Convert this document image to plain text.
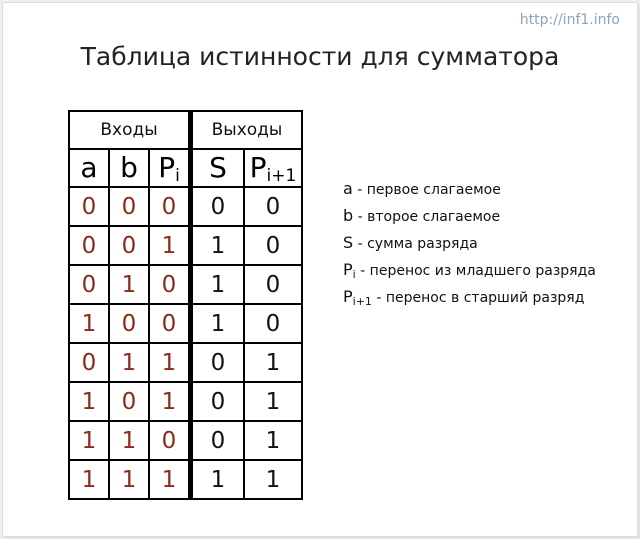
http://inf1.info
Таблица истинности для сумматора
Входы			Выходы	
a	b	$P_i$	S	$P_{i+1}$
0	0	0	0	0
0	0	1	1	0
0	1	0	1	0
1	0	0	1	0
0	1	1	0	1
1	0	1	0	1
1	1	0	0	1
1	1	1	1	1
a - первое слагаемое
b - второе слагаемое
S - сумма разряда
$P_i$ - перенос из младшего разряда
$P_{i+1}$ - перенос в старший разряд
